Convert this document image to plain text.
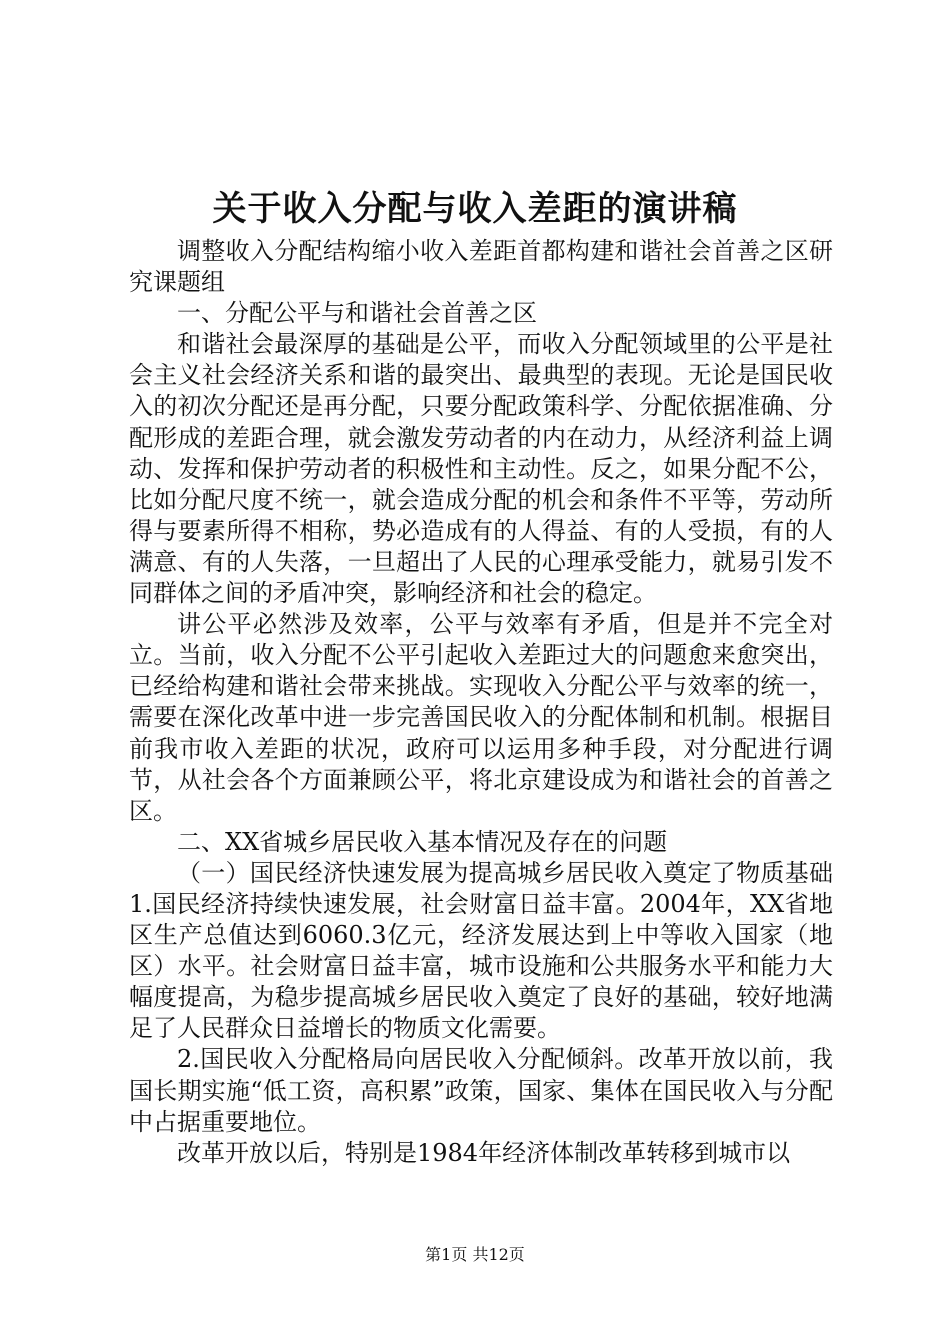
关于收入分配与收入差距的演讲稿

调整收入分配结构缩小收入差距首都构建和谐社会首善之区研究课题组

一、分配公平与和谐社会首善之区

和谐社会最深厚的基础是公平，而收入分配领域里的公平是社会主义社会经济关系和谐的最突出、最典型的表现。无论是国民收入的初次分配还是再分配，只要分配政策科学、分配依据准确、分配形成的差距合理，就会激发劳动者的内在动力，从经济利益上调动、发挥和保护劳动者的积极性和主动性。反之，如果分配不公，比如分配尺度不统一，就会造成分配的机会和条件不平等，劳动所得与要素所得不相称，势必造成有的人得益、有的人受损，有的人满意、有的人失落，一旦超出了人民的心理承受能力，就易引发不同群体之间的矛盾冲突，影响经济和社会的稳定。

讲公平必然涉及效率，公平与效率有矛盾，但是并不完全对立。当前，收入分配不公平引起收入差距过大的问题愈来愈突出，已经给构建和谐社会带来挑战。实现收入分配公平与效率的统一，需要在深化改革中进一步完善国民收入的分配体制和机制。根据目前我市收入差距的状况，政府可以运用多种手段，对分配进行调节，从社会各个方面兼顾公平，将北京建设成为和谐社会的首善之区。

二、XX省城乡居民收入基本情况及存在的问题

（一）国民经济快速发展为提高城乡居民收入奠定了物质基础1.国民经济持续快速发展，社会财富日益丰富。2004年，XX省地区生产总值达到6060.3亿元，经济发展达到上中等收入国家（地区）水平。社会财富日益丰富，城市设施和公共服务水平和能力大幅度提高，为稳步提高城乡居民收入奠定了良好的基础，较好地满足了人民群众日益增长的物质文化需要。

2.国民收入分配格局向居民收入分配倾斜。改革开放以前，我国长期实施“低工资，高积累”政策，国家、集体在国民收入与分配中占据重要地位。

改革开放以后，特别是1984年经济体制改革转移到城市以

第1页 共12页
